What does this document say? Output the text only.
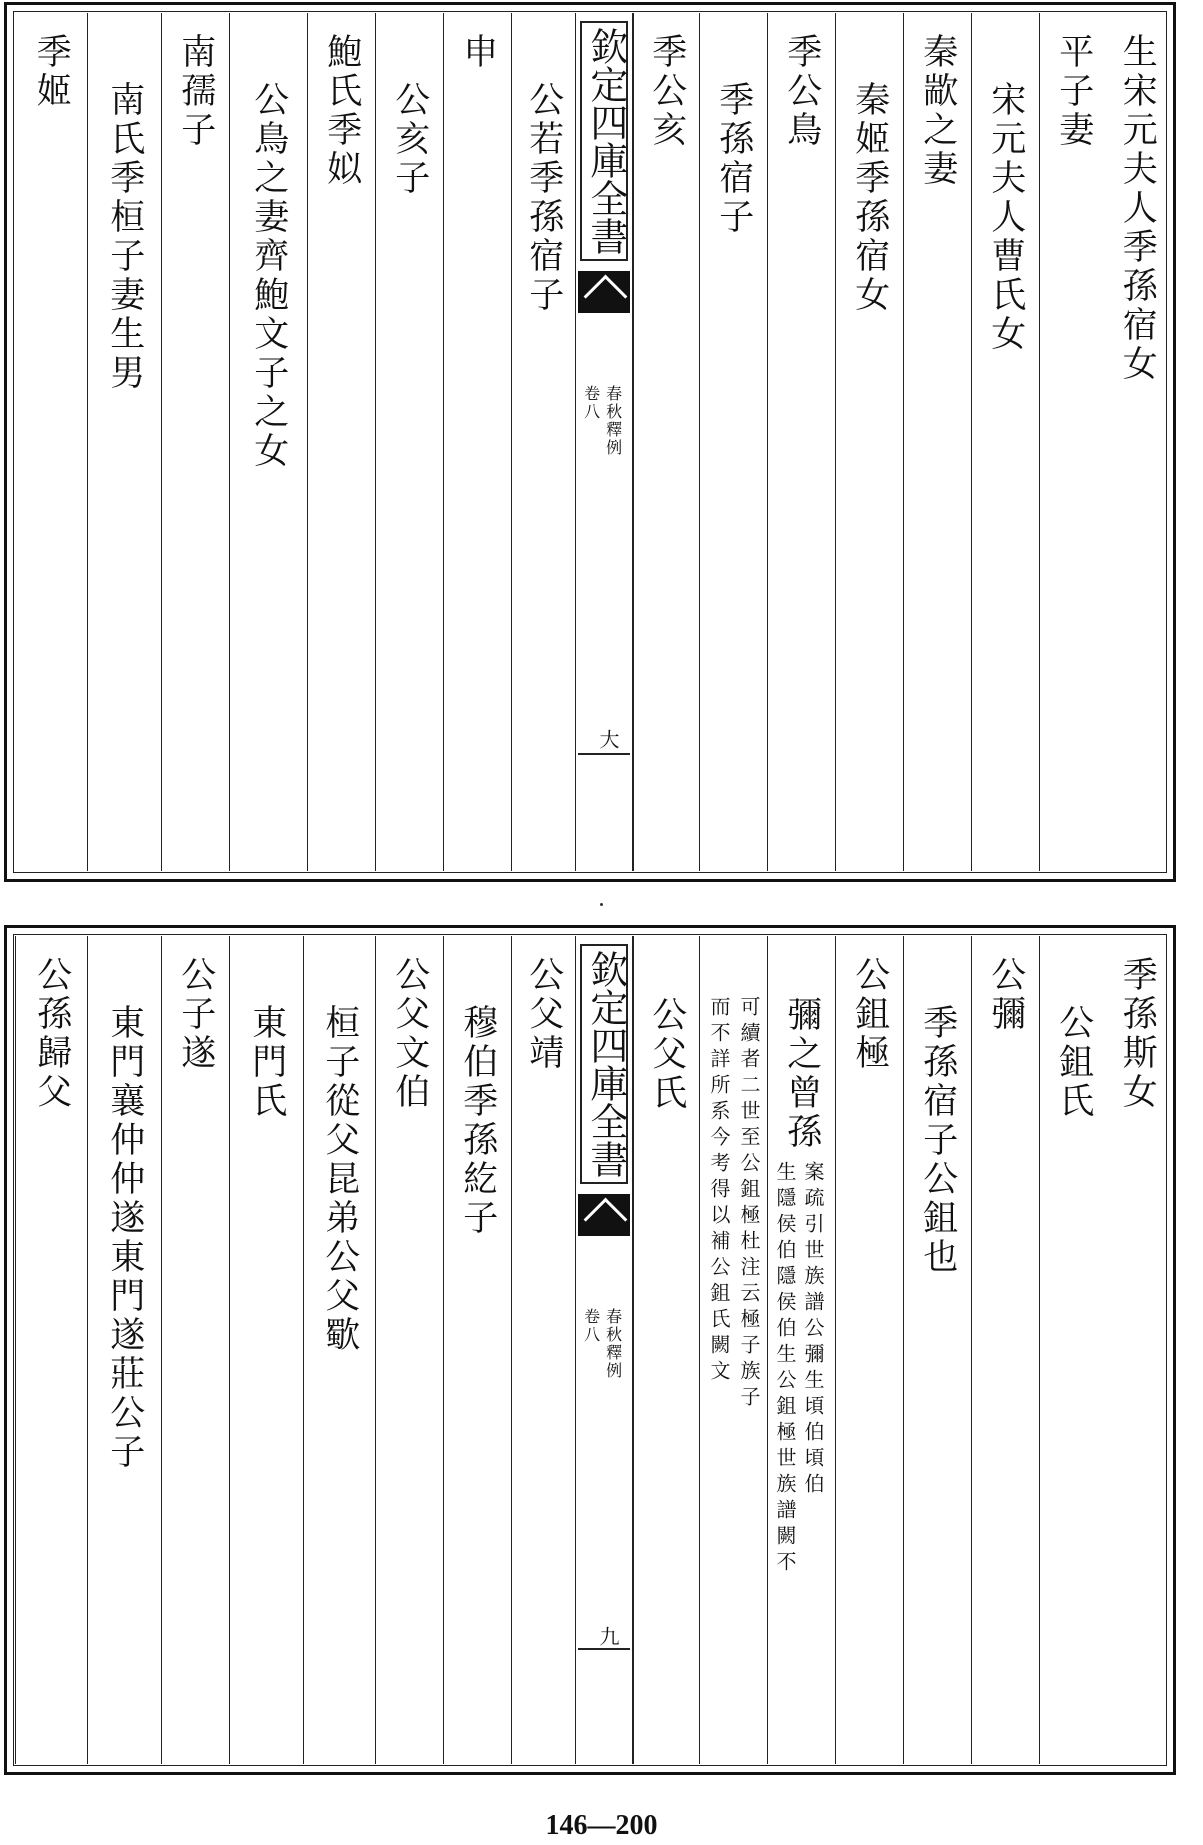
生宋元夫人季孫宿女
平子妻
宋元夫人曹氏女
秦歂之妻
秦姬季孫宿女
季公鳥
季孫宿子
季公亥
欽定四庫全書
春秋釋例
卷八
大
公若季孫宿子
申
公亥子
鮑氏季姒
公鳥之妻齊鮑文子之女
南孺子
南氏季桓子妻生男
季姬
季孫斯女
公鉏氏
公彌
季孫宿子公鉏也
公鉏極
彌之曾孫
案疏引世族譜公彌生頃伯頃伯
生隱侯伯隱侯伯生公鉏極世族譜闕不
可續者二世至公鉏極杜注云極子族子
而不詳所系今考得以補公鉏氏闕文
公父氏
欽定四庫全書
春秋釋例
卷八
九
公父靖
穆伯季孫紇子
公父文伯
桓子從父昆弟公父歜
東門氏
公子遂
東門襄仲仲遂東門遂莊公子
公孫歸父
146—200
